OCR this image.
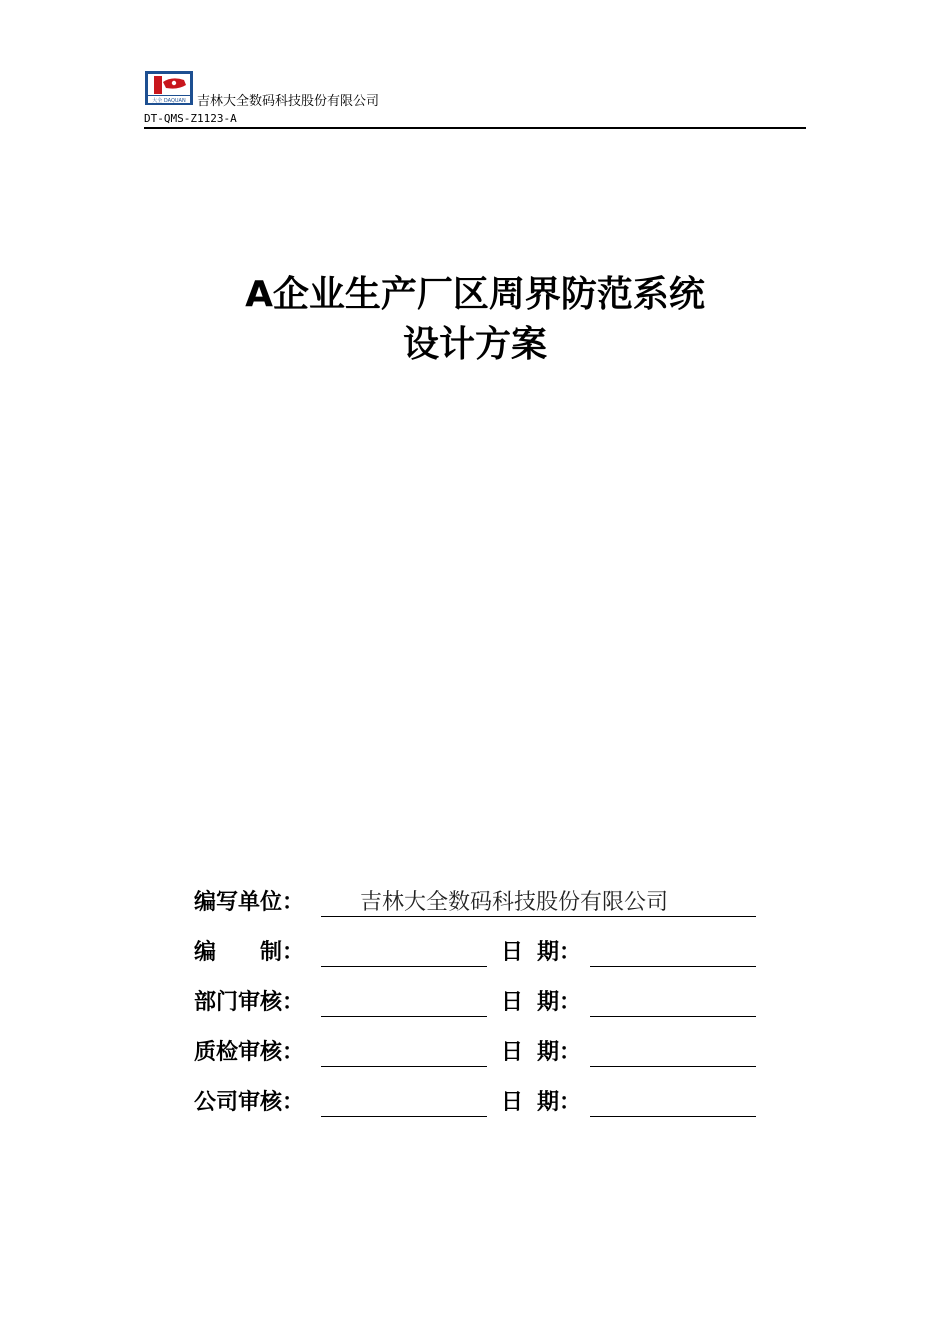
大全 DAQUAN 吉林大全数码科技股份有限公司
DT-QMS-Z1123-A
A企业生产厂区周界防范系统
设计方案
编写单位：	吉林大全数码科技股份有限公司
编 制：	日 期：
部门审核：	日 期：
质检审核：	日 期：
公司审核：	日 期：
